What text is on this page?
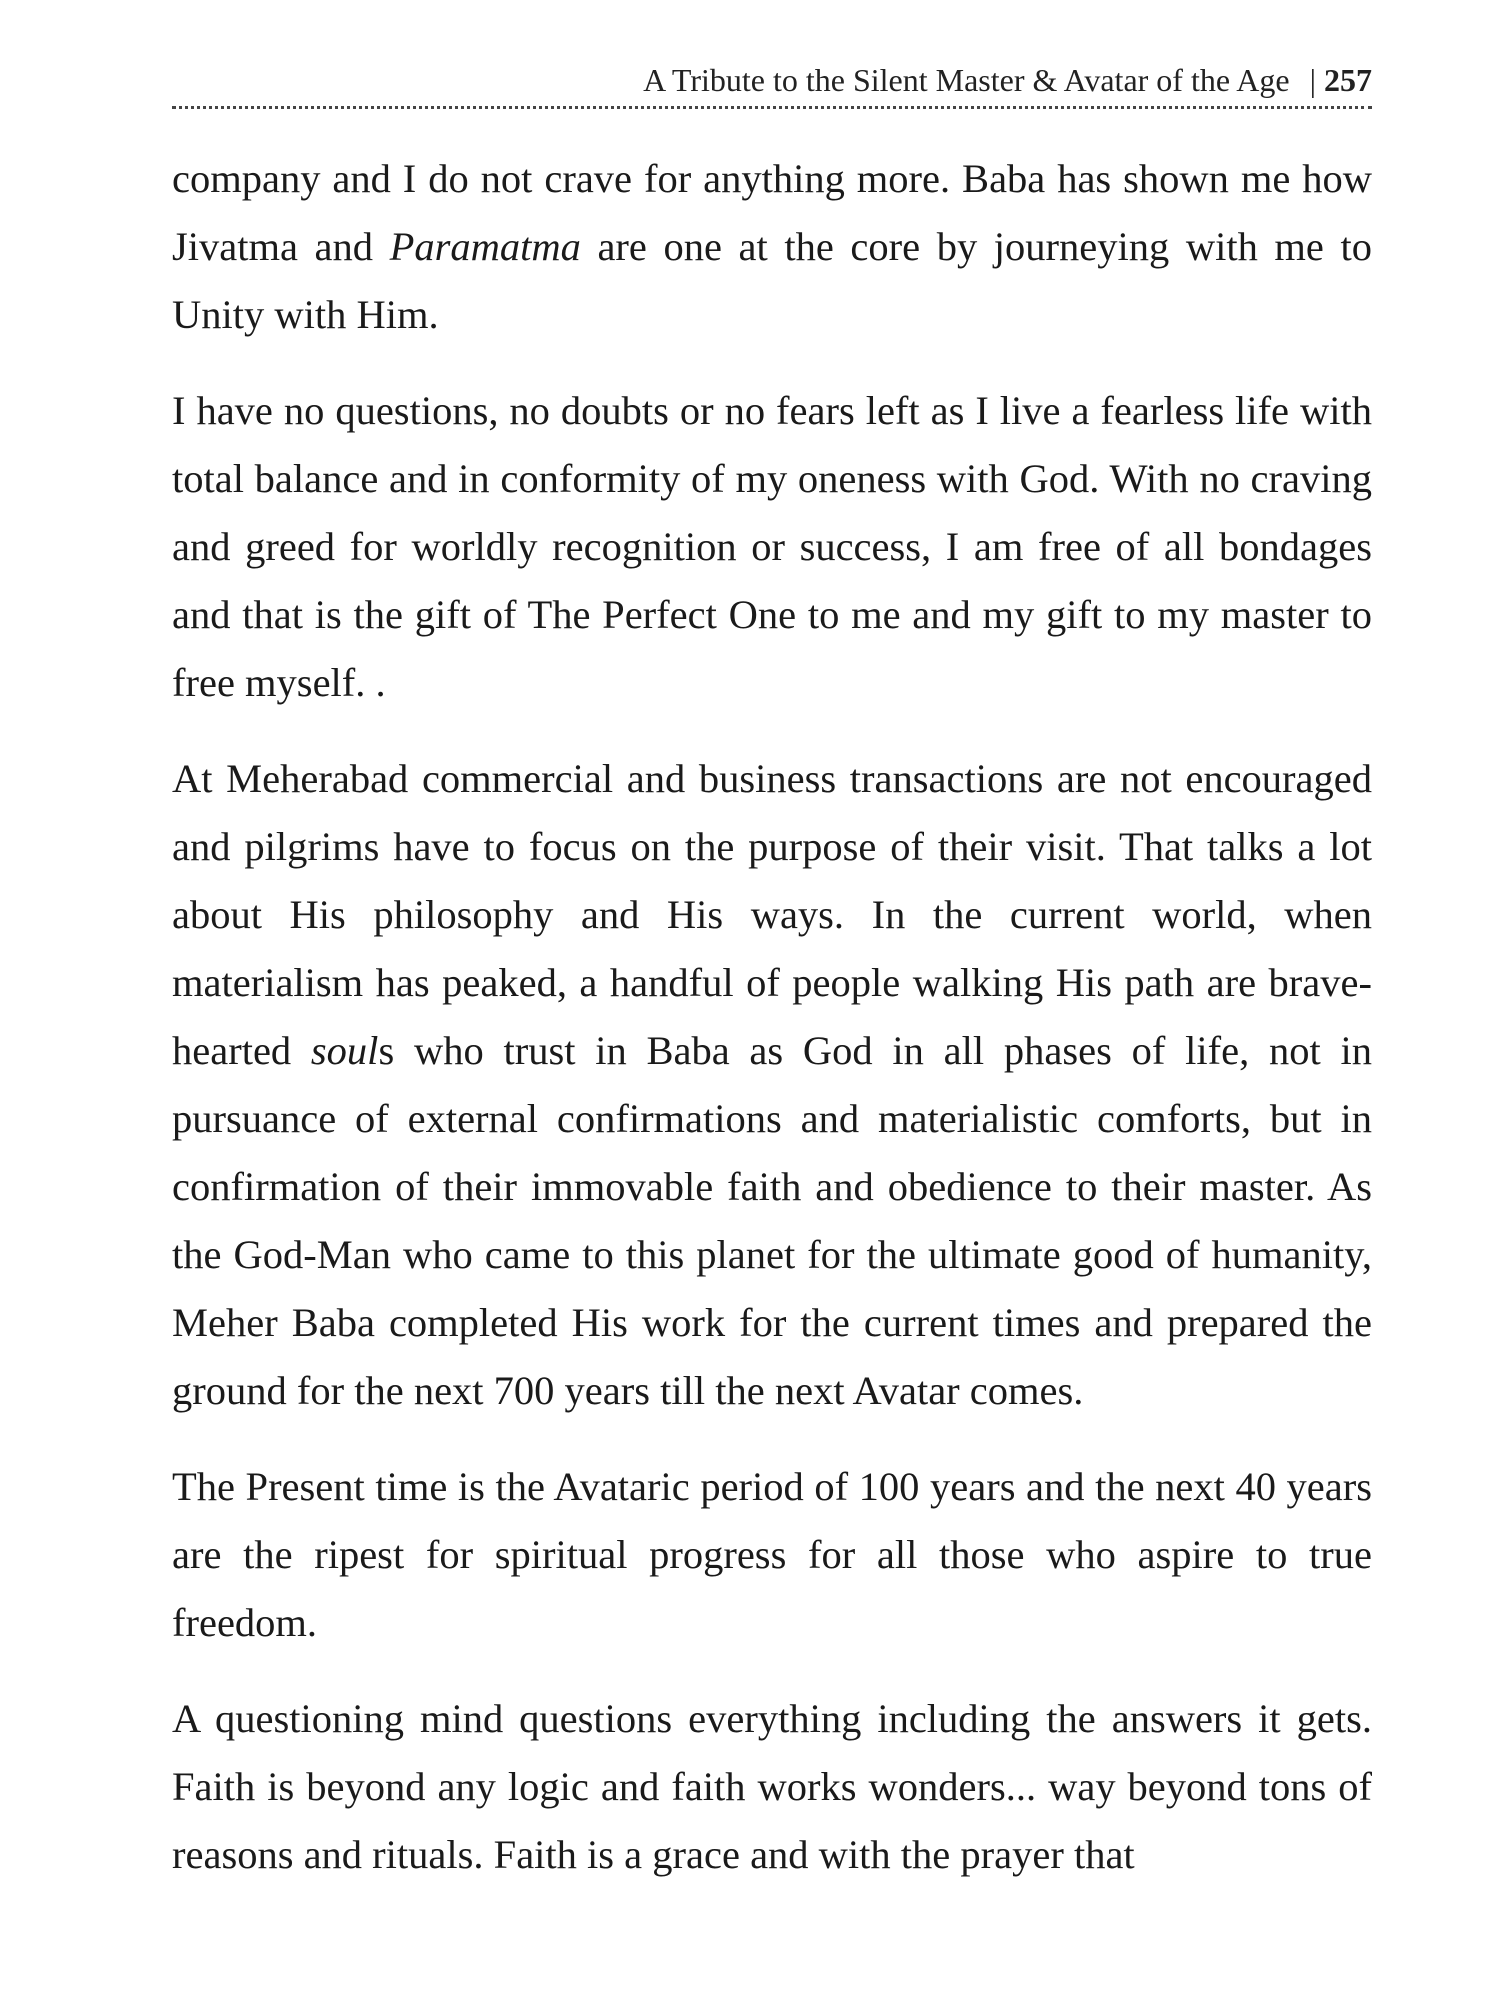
A Tribute to the Silent Master & Avatar of the Age | 257

company and I do not crave for anything more. Baba has shown me how Jivatma and Paramatma are one at the core by journeying with me to Unity with Him.

I have no questions, no doubts or no fears left as I live a fearless life with total balance and in conformity of my oneness with God. With no craving and greed for worldly recognition or success, I am free of all bondages and that is the gift of The Perfect One to me and my gift to my master to free myself. .

At Meherabad commercial and business transactions are not encouraged and pilgrims have to focus on the purpose of their visit. That talks a lot about His philosophy and His ways. In the current world, when materialism has peaked, a handful of people walking His path are brave-hearted souls who trust in Baba as God in all phases of life, not in pursuance of external confirmations and materialistic comforts, but in confirmation of their immovable faith and obedience to their master. As the God-Man who came to this planet for the ultimate good of humanity, Meher Baba completed His work for the current times and prepared the ground for the next 700 years till the next Avatar comes.

The Present time is the Avataric period of 100 years and the next 40 years are the ripest for spiritual progress for all those who aspire to true freedom.

A questioning mind questions everything including the answers it gets. Faith is beyond any logic and faith works wonders... way beyond tons of reasons and rituals. Faith is a grace and with the prayer that
